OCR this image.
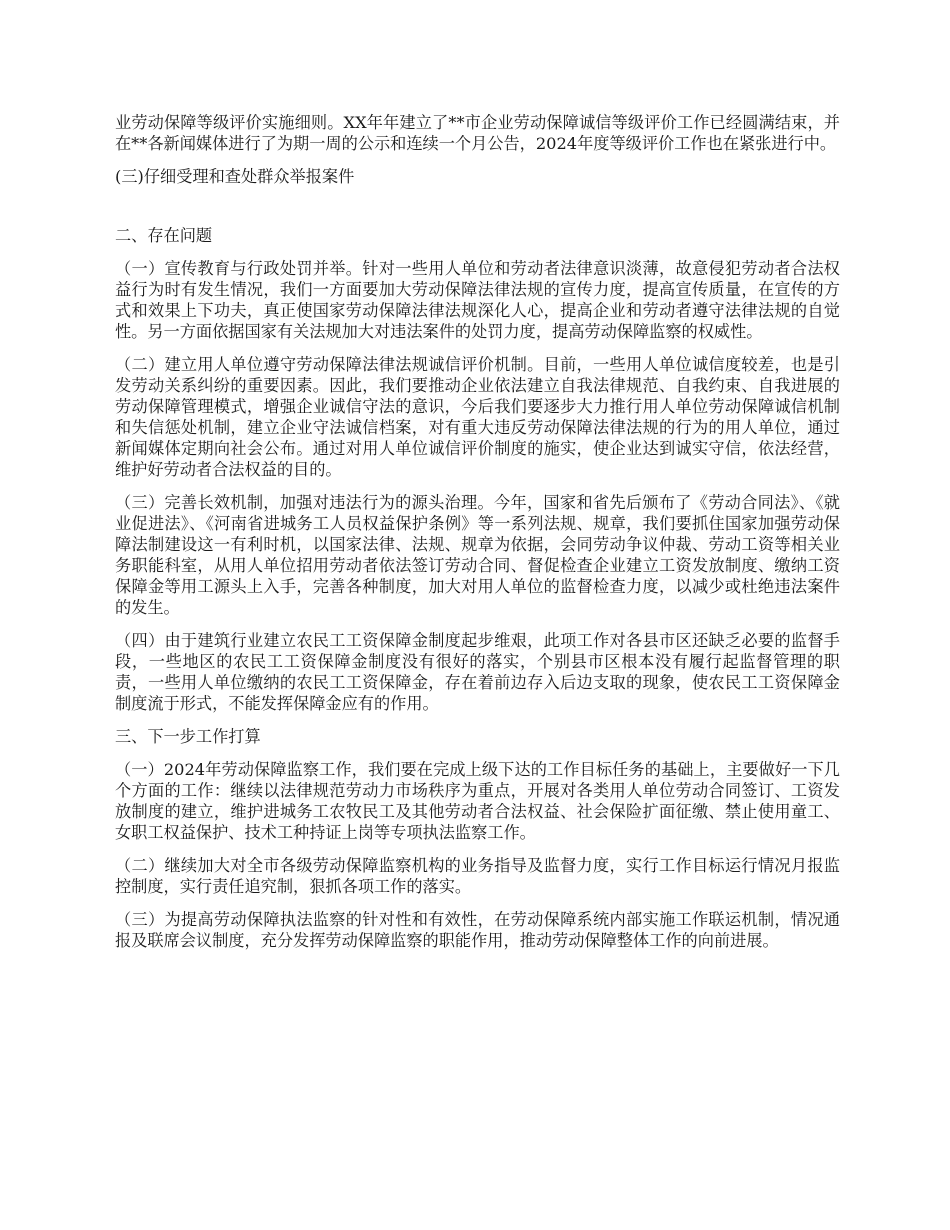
业劳动保障等级评价实施细则。XX年年建立了**市企业劳动保障诚信等级评价工作已经圆满结束，并在**各新闻媒体进行了为期一周的公示和连续一个月公告，2024年度等级评价工作也在紧张进行中。

(三)仔细受理和查处群众举报案件

二、存在问题

（一）宣传教育与行政处罚并举。针对一些用人单位和劳动者法律意识淡薄，故意侵犯劳动者合法权益行为时有发生情况，我们一方面要加大劳动保障法律法规的宣传力度，提高宣传质量，在宣传的方式和效果上下功夫，真正使国家劳动保障法律法规深化人心，提高企业和劳动者遵守法律法规的自觉性。另一方面依据国家有关法规加大对违法案件的处罚力度，提高劳动保障监察的权威性。

（二）建立用人单位遵守劳动保障法律法规诚信评价机制。目前，一些用人单位诚信度较差，也是引发劳动关系纠纷的重要因素。因此，我们要推动企业依法建立自我法律规范、自我约束、自我进展的劳动保障管理模式，增强企业诚信守法的意识，今后我们要逐步大力推行用人单位劳动保障诚信机制和失信惩处机制，建立企业守法诚信档案，对有重大违反劳动保障法律法规的行为的用人单位，通过新闻媒体定期向社会公布。通过对用人单位诚信评价制度的施实，使企业达到诚实守信，依法经营，维护好劳动者合法权益的目的。

（三）完善长效机制，加强对违法行为的源头治理。今年，国家和省先后颁布了《劳动合同法》、《就业促进法》、《河南省进城务工人员权益保护条例》等一系列法规、规章，我们要抓住国家加强劳动保障法制建设这一有利时机，以国家法律、法规、规章为依据，会同劳动争议仲裁、劳动工资等相关业务职能科室，从用人单位招用劳动者依法签订劳动合同、督促检查企业建立工资发放制度、缴纳工资保障金等用工源头上入手，完善各种制度，加大对用人单位的监督检查力度，以减少或杜绝违法案件的发生。

（四）由于建筑行业建立农民工工资保障金制度起步维艰，此项工作对各县市区还缺乏必要的监督手段，一些地区的农民工工资保障金制度没有很好的落实，个别县市区根本没有履行起监督管理的职责，一些用人单位缴纳的农民工工资保障金，存在着前边存入后边支取的现象，使农民工工资保障金制度流于形式，不能发挥保障金应有的作用。

三、下一步工作打算

（一）2024年劳动保障监察工作，我们要在完成上级下达的工作目标任务的基础上，主要做好一下几个方面的工作：继续以法律规范劳动力市场秩序为重点，开展对各类用人单位劳动合同签订、工资发放制度的建立，维护进城务工农牧民工及其他劳动者合法权益、社会保险扩面征缴、禁止使用童工、女职工权益保护、技术工种持证上岗等专项执法监察工作。

（二）继续加大对全市各级劳动保障监察机构的业务指导及监督力度，实行工作目标运行情况月报监控制度，实行责任追究制，狠抓各项工作的落实。

（三）为提高劳动保障执法监察的针对性和有效性，在劳动保障系统内部实施工作联运机制，情况通报及联席会议制度，充分发挥劳动保障监察的职能作用，推动劳动保障整体工作的向前进展。
